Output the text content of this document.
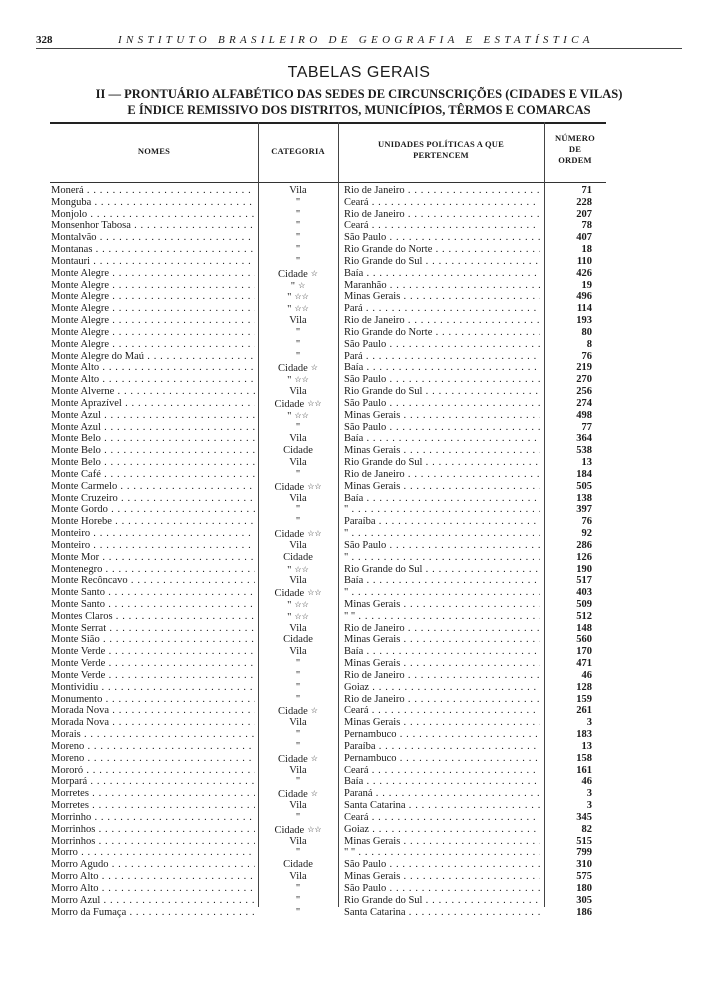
328	INSTITUTO BRASILEIRO DE GEOGRAFIA E ESTATÍSTICA
TABELAS GERAIS
II — PRONTUÁRIO ALFABÉTICO DAS SEDES DE CIRCUNSCRIÇÕES (CIDADES E VILAS)
E ÍNDICE REMISSIVO DOS DISTRITOS, MUNICÍPIOS, TÊRMOS E COMARCAS
NOMES	CATEGORIA
UNIDADES POLÍTICAS A QUE
PERTENCEM
NÚMERO
DE
ORDEM
Monerá . . .	Vila	Rio de Janeiro . . .	71
Monguba . . .	"	Ceará . . .	228
Monjolo . . .	"	Rio de Janeiro . . .	207
Monsenhor Tabosa . . .	"	Ceará . . .	78
Montalvão . . .	"	São Paulo . . .	407
Montanas . . .	"	Rio Grande do Norte . . .	18
Montauri . . .	"	Rio Grande do Sul . . .	110
Monte Alegre . . .	Cidade ☆	Baía . . .	426
Monte Alegre . . .	" ☆	Maranhão . . .	19
Monte Alegre . . .	" ☆☆	Minas Gerais . . .	496
Monte Alegre . . .	" ☆☆	Pará . . .	114
Monte Alegre . . .	Vila	Rio de Janeiro . . .	193
Monte Alegre . . .	"	Rio Grande do Norte . . .	80
Monte Alegre . . .	"	São Paulo . . .	8
Monte Alegre do Maú . . .	"	Pará . . .	76
Monte Alto . . .	Cidade ☆	Baía . . .	219
Monte Alto . . .	" ☆☆	São Paulo . . .	270
Monte Alverne . . .	Vila	Rio Grande do Sul . . .	256
Monte Aprazível . . .	Cidade ☆☆	São Paulo . . .	274
Monte Azul . . .	" ☆☆	Minas Gerais . . .	498
Monte Azul . . .	"	São Paulo . . .	77
Monte Belo . . .	Vila	Baía . . .	364
Monte Belo . . .	Cidade	Minas Gerais . . .	538
Monte Belo . . .	Vila	Rio Grande do Sul . . .	13
Monte Café . . .	"	Rio de Janeiro . . .	184
Monte Carmelo . . .	Cidade ☆☆	Minas Gerais . . .	505
Monte Cruzeiro . . .	Vila	Baía . . .	138
Monte Gordo . . .	"	" . . .	397
Monte Horebe . . .	"	Paraíba . . .	76
Monteiro . . .	Cidade ☆☆	" . . .	92
Monteiro . . .	Vila	São Paulo . . .	286
Monte Mor . . .	Cidade	" . . .	126
Montenegro . . .	" ☆☆	Rio Grande do Sul . . .	190
Monte Recôncavo . . .	Vila	Baía . . .	517
Monte Santo . . .	Cidade ☆☆	" . . .	403
Monte Santo . . .	" ☆☆	Minas Gerais . . .	509
Montes Claros . . .	" ☆☆	" " . . .	512
Monte Serrat . . .	Vila	Rio de Janeiro . . .	148
Monte Sião . . .	Cidade	Minas Gerais . . .	560
Monte Verde . . .	Vila	Baía . . .	170
Monte Verde . . .	"	Minas Gerais . . .	471
Monte Verde . . .	"	Rio de Janeiro . . .	46
Montividiu . . .	"	Goiaz . . .	128
Monumento . . .	"	Rio de Janeiro . . .	159
Morada Nova . . .	Cidade ☆	Ceará . . .	261
Morada Nova . . .	Vila	Minas Gerais . . .	3
Morais . . .	"	Pernambuco . . .	183
Moreno . . .	"	Paraíba . . .	13
Moreno . . .	Cidade ☆	Pernambuco . . .	158
Mororó . . .	Vila	Ceará . . .	161
Morpará . . .	"	Baía . . .	46
Morretes . . .	Cidade ☆	Paraná . . .	3
Morretes . . .	Vila	Santa Catarina . . .	3
Morrinho . . .	"	Ceará . . .	345
Morrinhos . . .	Cidade ☆☆	Goiaz . . .	82
Morrinhos . . .	Vila	Minas Gerais . . .	515
Morro . . .	"	" " . . .	799
Morro Agudo . . .	Cidade	São Paulo . . .	310
Morro Alto . . .	Vila	Minas Gerais . . .	575
Morro Alto . . .	"	São Paulo . . .	180
Morro Azul . . .	"	Rio Grande do Sul . . .	305
Morro da Fumaça . . .	"	Santa Catarina . . .	186
